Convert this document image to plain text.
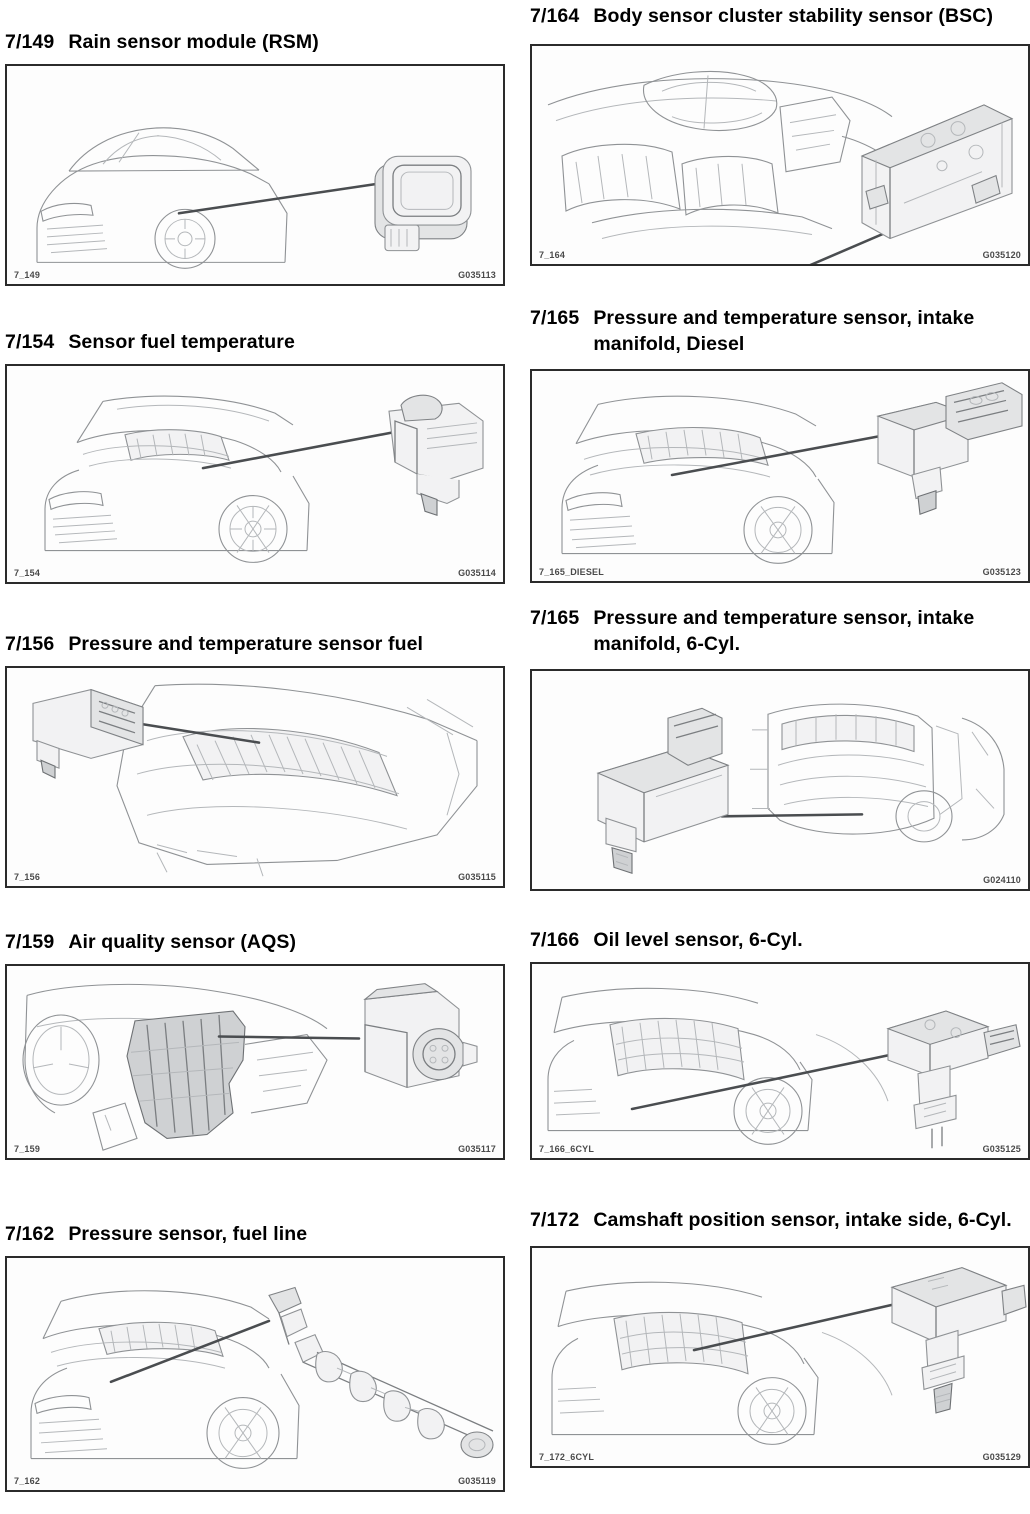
7/149 Rain sensor module (RSM)
7_149	G035113
7/154 Sensor fuel temperature
7_154	G035114
7/156 Pressure and temperature sensor fuel
7_156	G035115
7/159 Air quality sensor (AQS)
7_159	G035117
7/162 Pressure sensor, fuel line
7_162	G035119
7/164 Body sensor cluster stability sensor (BSC)
7_164	G035120
7/165 Pressure and temperature sensor, intake manifold, Diesel
7_165_DIESEL	G035123
7/165 Pressure and temperature sensor, intake manifold, 6-Cyl.
G024110
7/166 Oil level sensor, 6-Cyl.
7_166_6CYL	G035125
7/172 Camshaft position sensor, intake side, 6-Cyl.
7_172_6CYL	G035129
